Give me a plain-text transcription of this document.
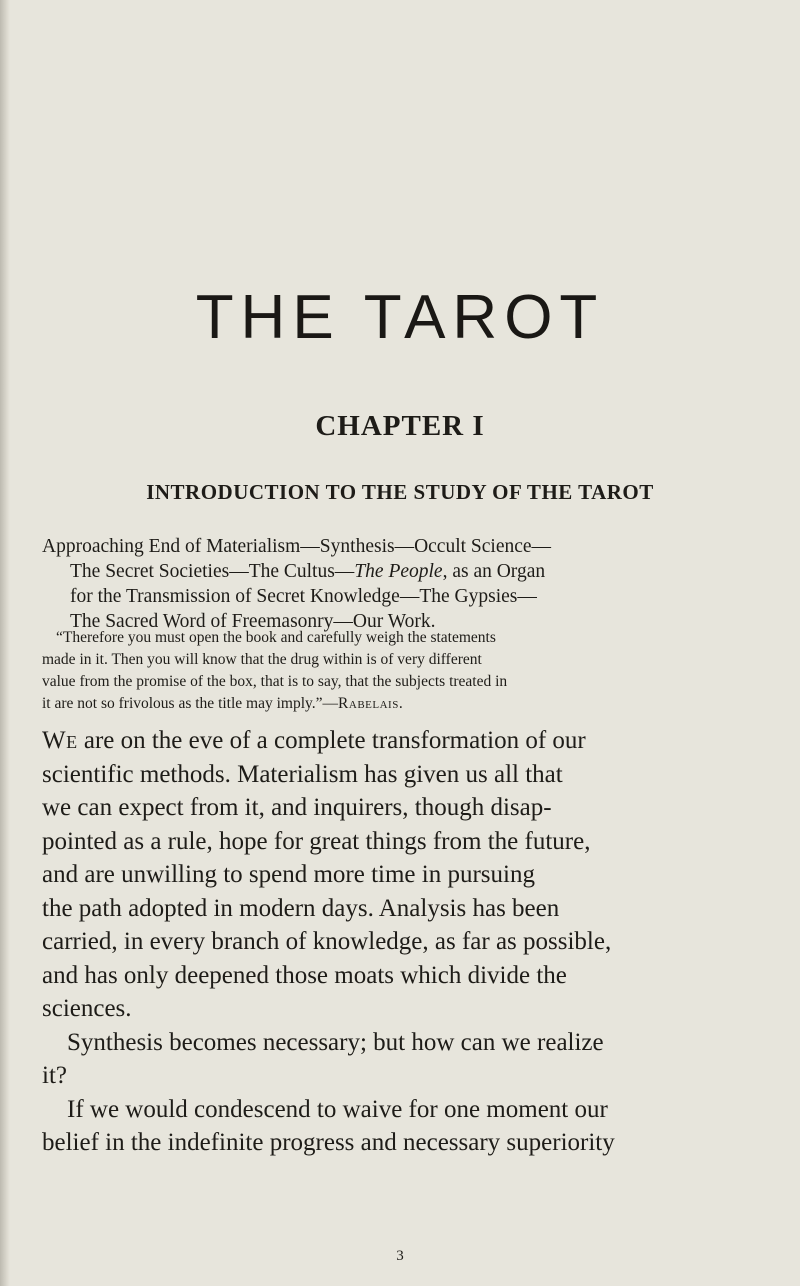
THE TAROT
CHAPTER I
INTRODUCTION TO THE STUDY OF THE TAROT

Approaching End of Materialism—Synthesis—Occult Science—
The Secret Societies—The Cultus—The People, as an Organ
for the Transmission of Secret Knowledge—The Gypsies—
The Sacred Word of Freemasonry—Our Work.

“Therefore you must open the book and carefully weigh the statements
made in it. Then you will know that the drug within is of very different
value from the promise of the box, that is to say, that the subjects treated in
it are not so frivolous as the title may imply.”—Rabelais.

We are on the eve of a complete transformation of our
scientific methods. Materialism has given us all that
we can expect from it, and inquirers, though disap-
pointed as a rule, hope for great things from the future,
and are unwilling to spend more time in pursuing
the path adopted in modern days. Analysis has been
carried, in every branch of knowledge, as far as possible,
and has only deepened those moats which divide the
sciences.
Synthesis becomes necessary; but how can we realize
it?
If we would condescend to waive for one moment our
belief in the indefinite progress and necessary superiority

3
